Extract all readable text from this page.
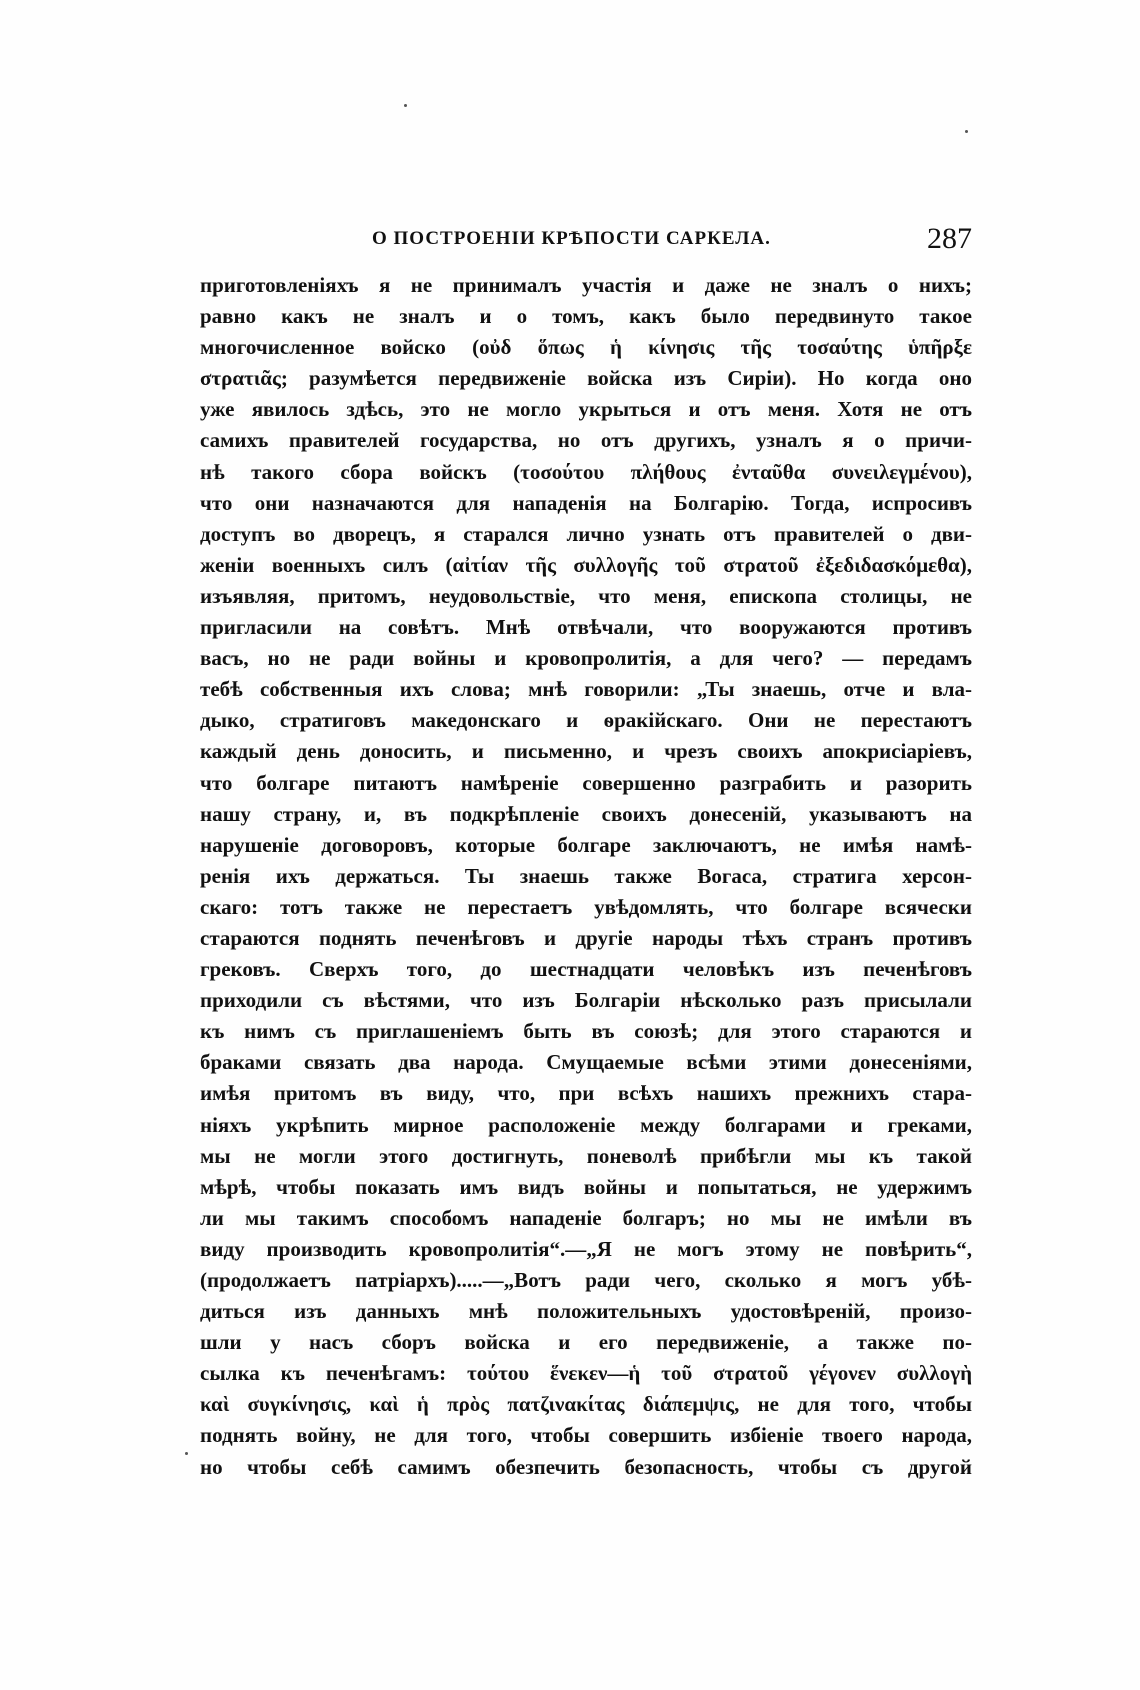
О ПОСТРОЕНІИ КРѢПОСТИ САРКЕЛА.	287
приготовленіяхъ я не принималъ участія и даже не зналъ о нихъ;
равно какъ не зналъ и о томъ, какъ было передвинуто такое
многочисленное войско (οὐδ ὅπως ἡ κίνησις τῆς τοσαύτης ὑπῆρξε
στρατιᾶς; разумѣется передвиженіе войска изъ Сиріи). Но когда оно
уже явилось здѣсь, это не могло укрыться и отъ меня. Хотя не отъ
самихъ правителей государства, но отъ другихъ, узналъ я о причи-
нѣ такого сбора войскъ (τοσούτου πλήθους ἐνταῦθα συνειλεγμένου),
что они назначаются для нападенія на Болгарію. Тогда, испросивъ
доступъ во дворецъ, я старался лично узнать отъ правителей о дви-
женіи военныхъ силъ (αἰτίαν τῆς συλλογῆς τοῦ στρατοῦ ἐξεδιδασκόμεθα),
изъявляя, притомъ, неудовольствіе, что меня, епископа столицы, не
пригласили на совѣтъ. Мнѣ отвѣчали, что вооружаются противъ
васъ, но не ради войны и кровопролитія, а для чего? — передамъ
тебѣ собственныя ихъ слова; мнѣ говорили: „Ты знаешь, отче и вла-
дыко, стратиговъ македонскаго и ѳракійскаго. Они не перестаютъ
каждый день доносить, и письменно, и чрезъ своихъ апокрисіаріевъ,
что болгаре питаютъ намѣреніе совершенно разграбить и разорить
нашу страну, и, въ подкрѣпленіе своихъ донесеній, указываютъ на
нарушеніе договоровъ, которые болгаре заключаютъ, не имѣя намѣ-
ренія ихъ держаться. Ты знаешь также Вогаса, стратига херсон-
скаго: тотъ также не перестаетъ увѣдомлять, что болгаре всячески
стараются поднять печенѣговъ и другіе народы тѣхъ странъ противъ
грековъ. Сверхъ того, до шестнадцати человѣкъ изъ печенѣговъ
приходили съ вѣстями, что изъ Болгаріи нѣсколько разъ присылали
къ нимъ съ приглашеніемъ быть въ союзѣ; для этого стараются и
браками связать два народа. Смущаемые всѣми этими донесеніями,
имѣя притомъ въ виду, что, при всѣхъ нашихъ прежнихъ стара-
ніяхъ укрѣпить мирное расположеніе между болгарами и греками,
мы не могли этого достигнуть, поневолѣ прибѣгли мы къ такой
мѣрѣ, чтобы показать имъ видъ войны и попытаться, не удержимъ
ли мы такимъ способомъ нападеніе болгаръ; но мы не имѣли въ
виду производить кровопролитія“.—„Я не могъ этому не повѣрить“,
(продолжаетъ патріархъ).....—„Вотъ ради чего, сколько я могъ убѣ-
диться изъ данныхъ мнѣ положительныхъ удостовѣреній, произо-
шли у насъ сборъ войска и его передвиженіе, а также по-
сылка къ печенѣгамъ: τούτου ἕνεκεν—ἡ τοῦ στρατοῦ γέγονεν συλλογὴ
καὶ συγκίνησις, καὶ ἡ πρὸς πατζινακίτας διάπεμψις, не для того, чтобы
поднять войну, не для того, чтобы совершить избіеніе твоего народа,
но чтобы себѣ самимъ обезпечить безопасность, чтобы съ другой
